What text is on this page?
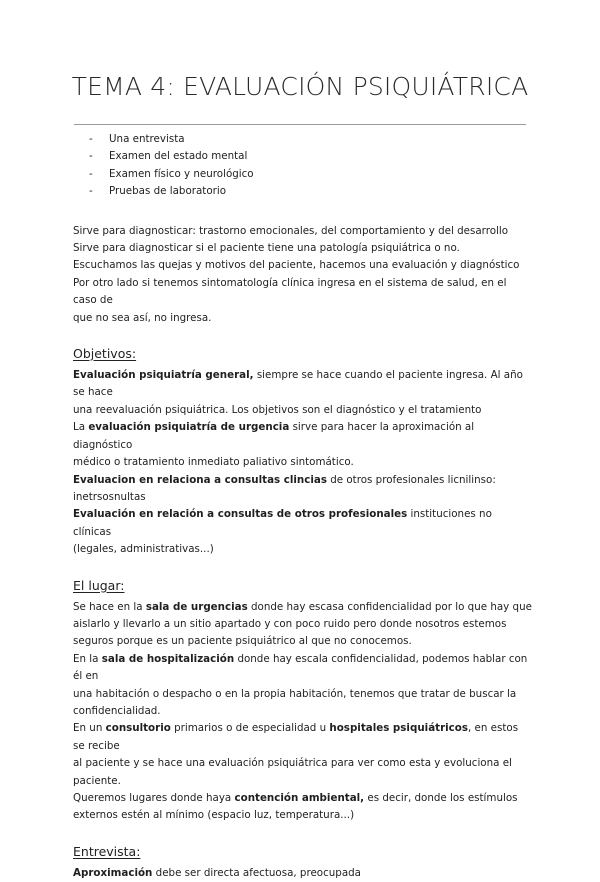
TEMA 4: EVALUACIÓN PSIQUIÁTRICA
- Una entrevista
- Examen del estado mental
- Examen físico y neurológico
- Pruebas de laboratorio

Sirve para diagnosticar: trastorno emocionales, del comportamiento y del desarrollo

Sirve para diagnosticar si el paciente tiene una patología psiquiátrica o no.

Escuchamos las quejas y motivos del paciente, hacemos una evaluación y diagnóstico

Por otro lado si tenemos sintomatología clínica ingresa en el sistema de salud, en el caso de

que no sea así, no ingresa.

Objetivos:

Evaluación psiquiatría general, siempre se hace cuando el paciente ingresa. Al año se hace

una reevaluación psiquiátrica. Los objetivos son el diagnóstico y el tratamiento

La evaluación psiquiatría de urgencia sirve para hacer la aproximación al diagnóstico

médico o tratamiento inmediato paliativo sintomático.

Evaluacion en relaciona a consultas clincias de otros profesionales licnilinso:

inetrsosnultas

Evaluación en relación a consultas de otros profesionales instituciones no clínicas

(legales, administrativas...)

El lugar:

Se hace en la sala de urgencias donde hay escasa confidencialidad por lo que hay que

aislarlo y llevarlo a un sitio apartado y con poco ruido pero donde nosotros estemos

seguros porque es un paciente psiquiátrico al que no conocemos.

En la sala de hospitalización donde hay escala confidencialidad, podemos hablar con él en

una habitación o despacho o en la propia habitación, tenemos que tratar de buscar la

confidencialidad.

En un consultorio primarios o de especialidad u hospitales psiquiátricos, en estos se recibe

al paciente y se hace una evaluación psiquiátrica para ver como esta y evoluciona el

paciente.

Queremos lugares donde haya contención ambiental, es decir, donde los estímulos

externos estén al mínimo (espacio luz, temperatura...)

Entrevista:

Aproximación debe ser directa afectuosa, preocupada
